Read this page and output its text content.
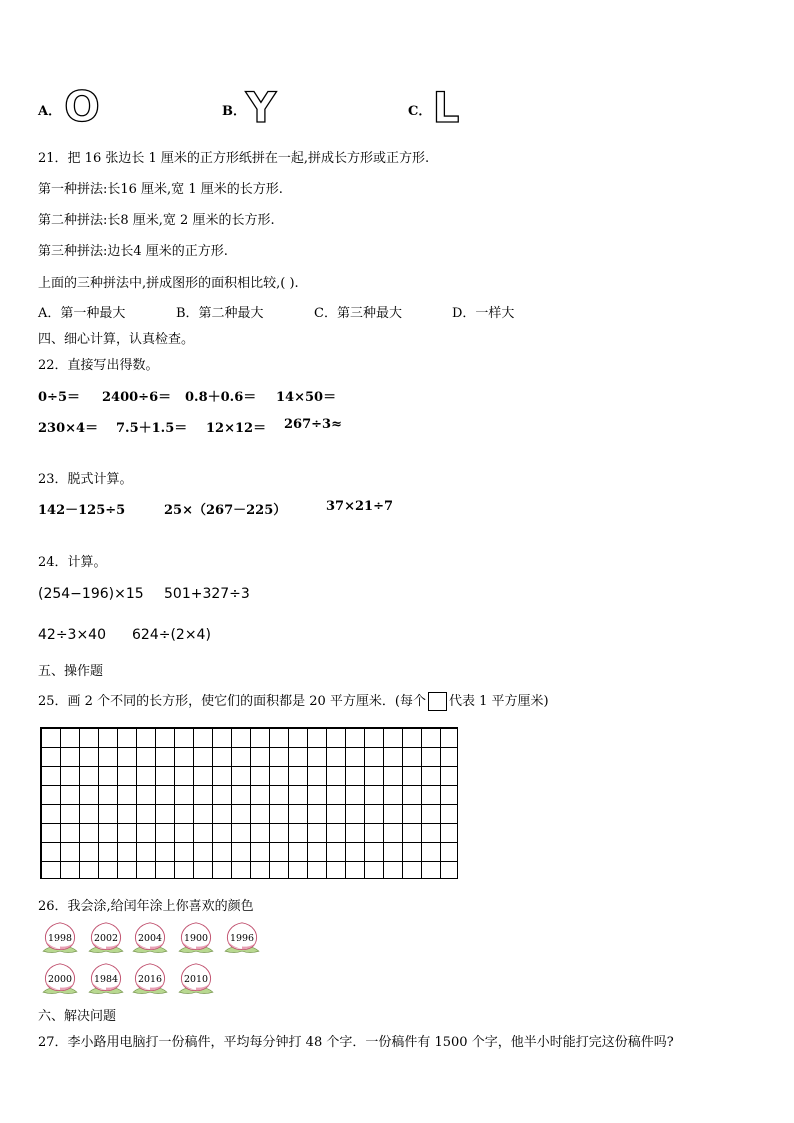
A． O	B． Y	C． L
21．把 16 张边长 1 厘米的正方形纸拼在一起,拼成长方形或正方形.
第一种拼法:长16 厘米,宽 1 厘米的长方形.
第二种拼法:长8 厘米,宽 2 厘米的长方形.
第三种拼法:边长4 厘米的正方形.
上面的三种拼法中,拼成图形的面积相比较,( ).
A．第一种最大	B．第二种最大	C．第三种最大	D．一样大
四、细心计算，认真检查。
22．直接写出得数。
0÷5＝ 2400÷6＝ 0.8＋0.6＝ 14×50＝
230×4＝ 7.5＋1.5＝ 12×12＝ 267÷3≈
23．脱式计算。
142－125÷5	25×（267－225）	37×21÷7
24．计算。
(254−196)×15 501+327÷3
42÷3×40 624÷(2×4)
五、操作题
25．画 2 个不同的长方形，使它们的面积都是 20 平方厘米．(每个 代表 1 平方厘米)
26．我会涂,给闰年涂上你喜欢的颜色
1998 2002 2004 1900 1996
2000 1984 2016 2010
六、解决问题
27．李小路用电脑打一份稿件，平均每分钟打 48 个字．一份稿件有 1500 个字，他半小时能打完这份稿件吗?
